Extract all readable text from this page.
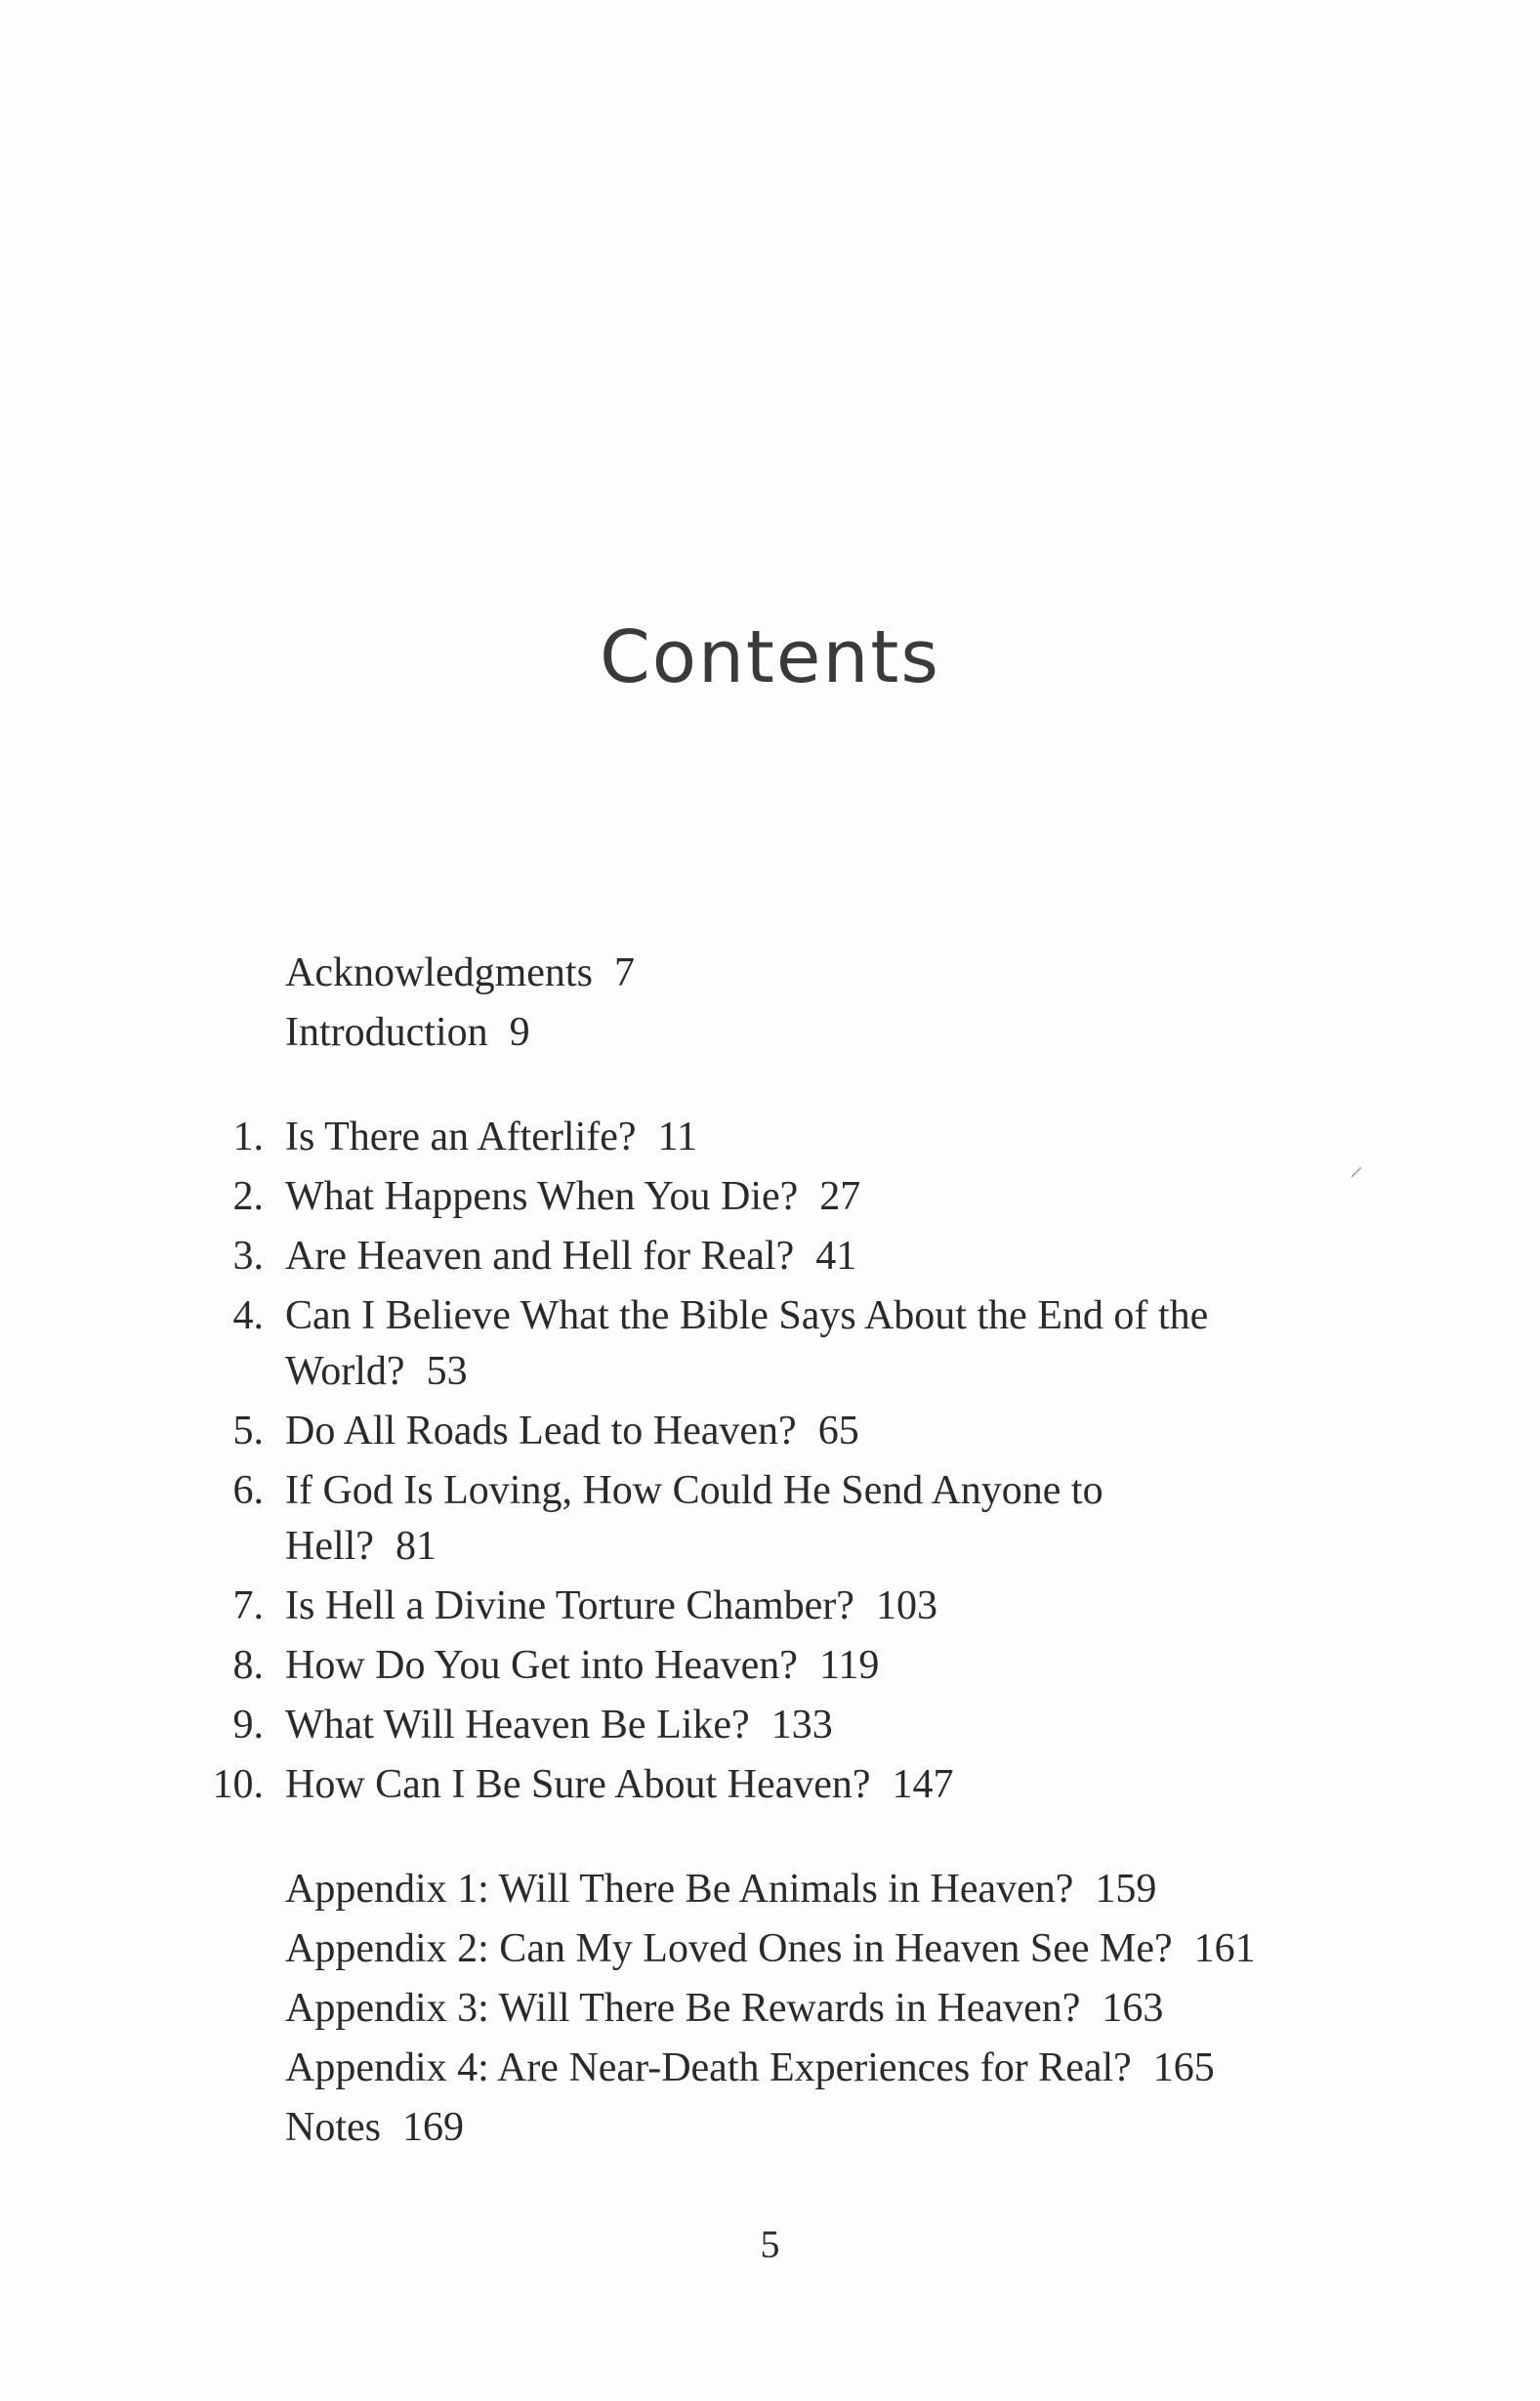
Contents
Acknowledgments 7
Introduction 9
1. Is There an Afterlife? 11
2. What Happens When You Die? 27
3. Are Heaven and Hell for Real? 41
4. Can I Believe What the Bible Says About the End of the
World? 53
5. Do All Roads Lead to Heaven? 65
6. If God Is Loving, How Could He Send Anyone to
Hell? 81
7. Is Hell a Divine Torture Chamber? 103
8. How Do You Get into Heaven? 119
9. What Will Heaven Be Like? 133
10. How Can I Be Sure About Heaven? 147
Appendix 1: Will There Be Animals in Heaven? 159
Appendix 2: Can My Loved Ones in Heaven See Me? 161
Appendix 3: Will There Be Rewards in Heaven? 163
Appendix 4: Are Near-Death Experiences for Real? 165
Notes 169
⸝
5
